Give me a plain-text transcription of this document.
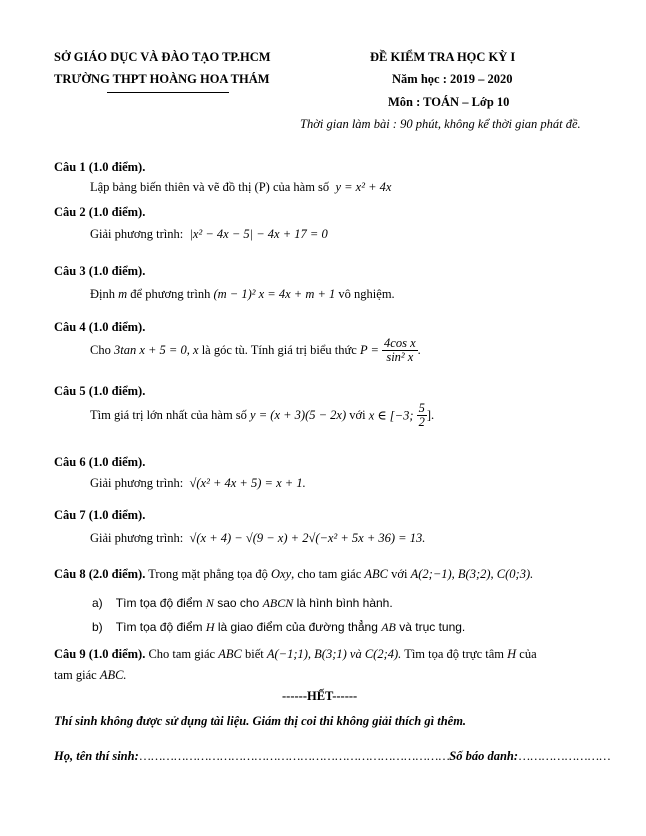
SỞ GIÁO DỤC VÀ ĐÀO TẠO TP.HCM
TRƯỜNG THPT HOÀNG HOA THÁM
ĐỀ KIỂM TRA HỌC KỲ I
Năm học : 2019 – 2020
Môn : TOÁN – Lớp 10
Thời gian làm bài : 90 phút, không kể thời gian phát đề.
Câu 1 (1.0 điểm).
Lập bảng biến thiên và vẽ đồ thị (P) của hàm số y = x² + 4x
Câu 2 (1.0 điểm).
Giải phương trình: |x² − 4x − 5| − 4x + 17 = 0
Câu 3 (1.0 điểm).
Định m để phương trình (m − 1)² x = 4x + m + 1 vô nghiệm.
Câu 4 (1.0 điểm).
Cho 3tan x + 5 = 0, x là góc tù. Tính giá trị biểu thức $P = \frac{\text{4cos x}}{\text{sin² x}}$ .
Câu 5 (1.0 điểm).
Tìm giá trị lớn nhất của hàm số y = (x + 3)(5 − 2x) với x ∈ [−3; $\frac{5}{2}$ ].
Câu 6 (1.0 điểm).
Giải phương trình: √(x² + 4x + 5) = x + 1.
Câu 7 (1.0 điểm).
Giải phương trình: √(x + 4) − √(9 − x) + 2√(−x² + 5x + 36) = 13.
Câu 8 (2.0 điểm). Trong mặt phẳng tọa độ Oxy, cho tam giác ABC với A(2;−1), B(3;2), C(0;3).
a) Tìm tọa độ điểm N sao cho ABCN là hình bình hành.
b) Tìm tọa độ điểm H là giao điểm của đường thẳng AB và trục tung.
Câu 9 (1.0 điểm). Cho tam giác ABC biết A(−1;1), B(3;1) và C(2;4). Tìm tọa độ trực tâm H của
tam giác ABC.
------HẾT------
Thí sinh không được sử dụng tài liệu. Giám thị coi thi không giải thích gì thêm.
Họ, tên thí sinh:………………………………………………………………………Số báo danh:……………………
